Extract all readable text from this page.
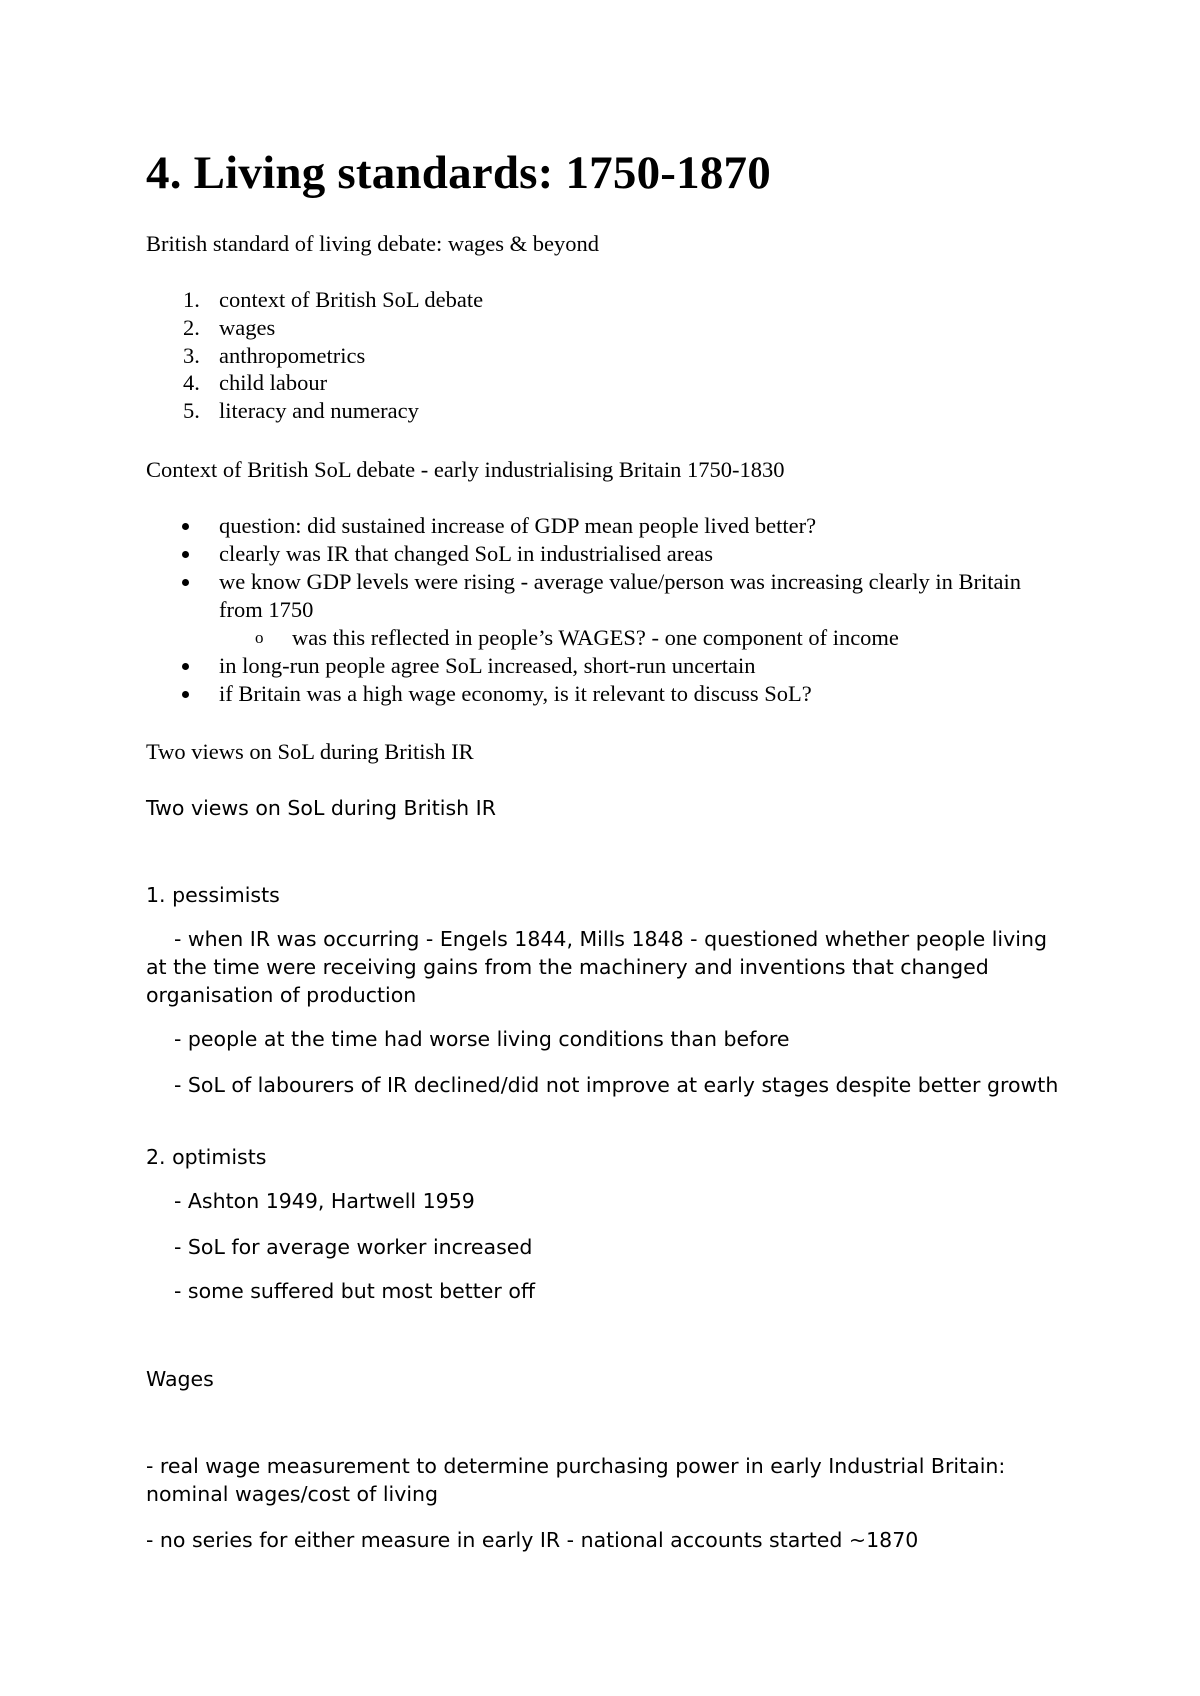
4. Living standards: 1750-1870

British standard of living debate: wages & beyond

1. context of British SoL debate
2. wages
3. anthropometrics
4. child labour
5. literacy and numeracy

Context of British SoL debate - early industrialising Britain 1750-1830

question: did sustained increase of GDP mean people lived better?
clearly was IR that changed SoL in industrialised areas
we know GDP levels were rising - average value/person was increasing clearly in Britain from 1750
o was this reflected in people’s WAGES? - one component of income
in long-run people agree SoL increased, short-run uncertain
if Britain was a high wage economy, is it relevant to discuss SoL?

Two views on SoL during British IR

Two views on SoL during British IR

1. pessimists

- when IR was occurring - Engels 1844, Mills 1848 - questioned whether people living at the time were receiving gains from the machinery and inventions that changed organisation of production

- people at the time had worse living conditions than before

- SoL of labourers of IR declined/did not improve at early stages despite better growth

2. optimists

- Ashton 1949, Hartwell 1959

- SoL for average worker increased

- some suffered but most better off

Wages

- real wage measurement to determine purchasing power in early Industrial Britain: nominal wages/cost of living

- no series for either measure in early IR - national accounts started ~1870
